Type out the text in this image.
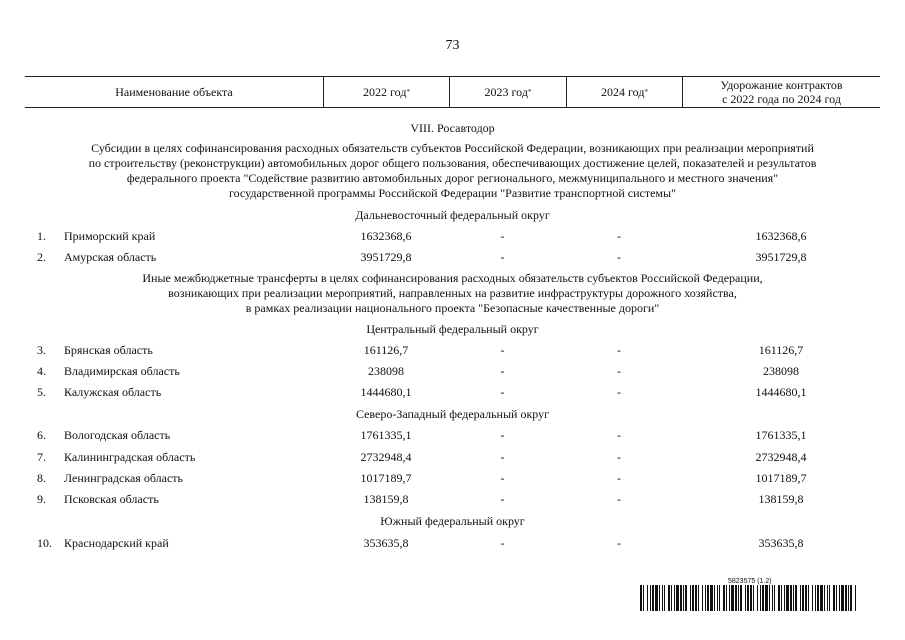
73
Наименование объекта	2022 год *	2023 год *	2024 год *	Удорожание контрактов
с 2022 года по 2024 год
VIII. Росавтодор
Субсидии в целях софинансирования расходных обязательств субъектов Российской Федерации, возникающих при реализации мероприятий
по строительству (реконструкции) автомобильных дорог общего пользования, обеспечивающих достижение целей, показателей и результатов
федерального проекта "Содействие развитию автомобильных дорог регионального, межмуниципального и местного значения"
государственной программы Российской Федерации "Развитие транспортной системы"
Дальневосточный федеральный округ
1. Приморский край	1632368,6	-	-	1632368,6
2. Амурская область	3951729,8	-	-	3951729,8
Иные межбюджетные трансферты в целях софинансирования расходных обязательств субъектов Российской Федерации,
возникающих при реализации мероприятий, направленных на развитие инфраструктуры дорожного хозяйства,
в рамках реализации национального проекта "Безопасные качественные дороги"
Центральный федеральный округ
3. Брянская область	161126,7	-	-	161126,7
4. Владимирская область	238098	-	-	238098
5. Калужская область	1444680,1	-	-	1444680,1
Северо-Западный федеральный округ
6. Вологодская область	1761335,1	-	-	1761335,1
7. Калининградская область	2732948,4	-	-	2732948,4
8. Ленинградская область	1017189,7	-	-	1017189,7
9. Псковская область	138159,8	-	-	138159,8
Южный федеральный округ
10. Краснодарский край	353635,8	-	-	353635,8
5823575 (1.2)
